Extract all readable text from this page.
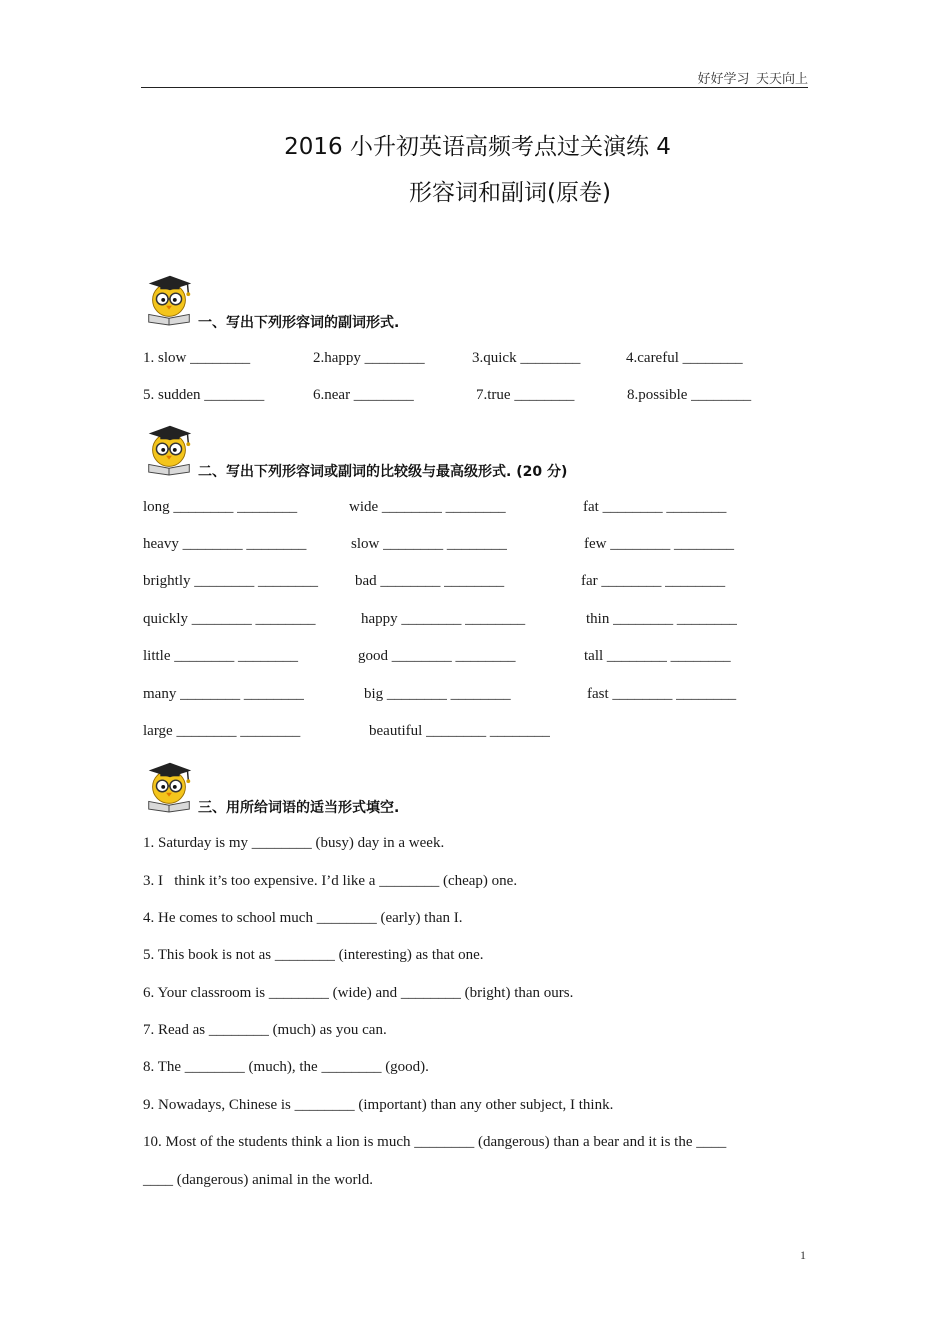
好好学习  天天向上
2016 小升初英语高频考点过关演练 4
形容词和副词(原卷)
一、写出下列形容词的副词形式.
1. slow ________	2.happy ________	3.quick ________	4.careful ________
5. sudden ________	6.near ________	7.true ________	8.possible ________
二、写出下列形容词或副词的比较级与最高级形式. (20 分)
long ________ ________	wide ________ ________	fat ________ ________
heavy ________ ________	slow ________ ________	few ________ ________
brightly ________ ________ bad ________ ________	far ________ ________
quickly ________ ________	happy ________ ________	thin ________ ________
little ________ ________	good ________ ________	tall ________ ________
many ________ ________	big ________ ________	fast ________ ________
large ________ ________	beautiful ________ ________
三、用所给词语的适当形式填空.
1. Saturday is my ________ (busy) day in a week.
3. I   think it’s too expensive. I’d like a ________ (cheap) one.
4. He comes to school much ________ (early) than I.
5. This book is not as ________ (interesting) as that one.
6. Your classroom is ________ (wide) and ________ (bright) than ours.
7. Read as ________ (much) as you can.
8. The ________ (much), the ________ (good).
9. Nowadays, Chinese is ________ (important) than any other subject, I think.
10. Most of the students think a lion is much ________ (dangerous) than a bear and it is the ____
____ (dangerous) animal in the world.
1
